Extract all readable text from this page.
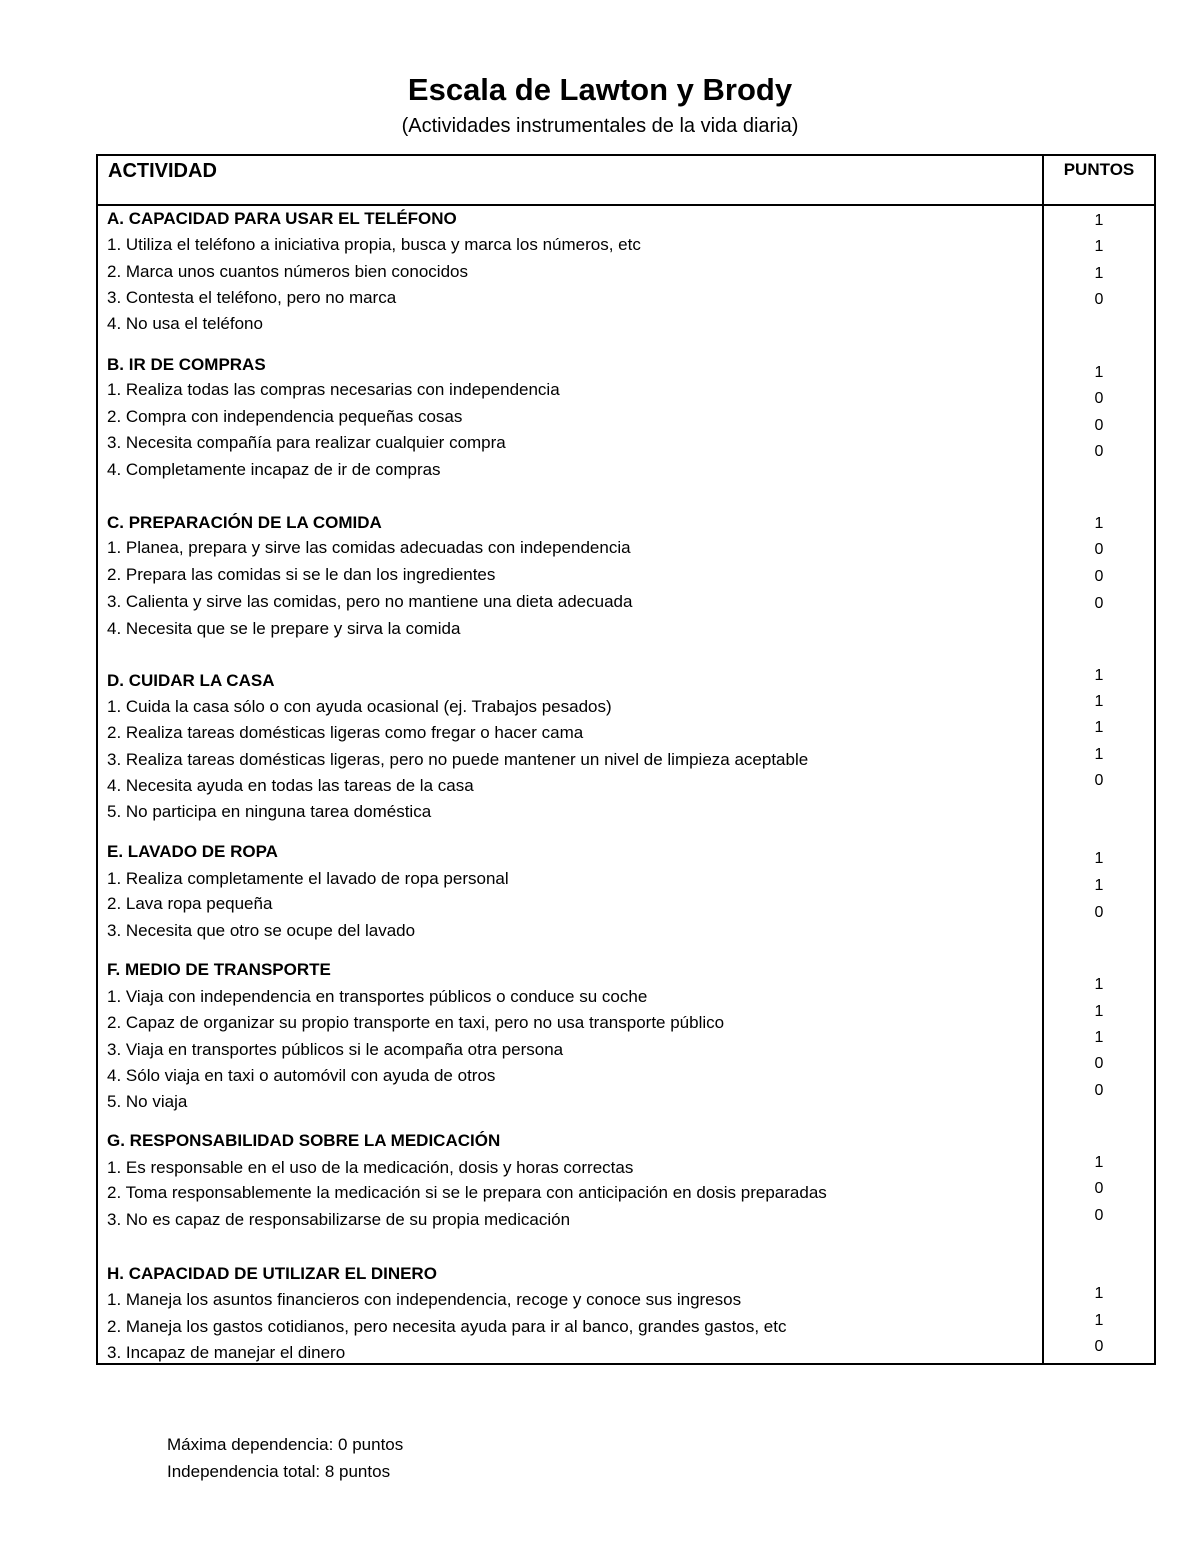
Escala de Lawton y Brody
(Actividades instrumentales de la vida diaria)
ACTIVIDAD	PUNTOS
A. CAPACIDAD PARA USAR EL TELÉFONO
1. Utiliza el teléfono a iniciativa propia, busca y marca los números, etc
2. Marca unos cuantos números bien conocidos
3. Contesta el teléfono, pero no marca
4. No usa el teléfono
1
1
1
0
B. IR DE COMPRAS
1. Realiza todas las compras necesarias con independencia
2. Compra con independencia pequeñas cosas
3. Necesita compañía para realizar cualquier compra
4. Completamente incapaz de ir de compras
1
0
0
0
C. PREPARACIÓN DE LA COMIDA
1. Planea, prepara y sirve las comidas adecuadas con independencia
2. Prepara las comidas si se le dan los ingredientes
3. Calienta y sirve las comidas, pero no mantiene una dieta adecuada
4. Necesita que se le prepare y sirva la comida
1
0
0
0
D. CUIDAR LA CASA
1. Cuida la casa sólo o con ayuda ocasional (ej. Trabajos pesados)
2. Realiza tareas domésticas ligeras como fregar o hacer cama
3. Realiza tareas domésticas ligeras, pero no puede mantener un nivel de limpieza aceptable
4. Necesita ayuda en todas las tareas de la casa
5. No participa en ninguna tarea doméstica
1
1
1
1
0
E. LAVADO DE ROPA
1. Realiza completamente el lavado de ropa personal
2. Lava ropa pequeña
3. Necesita que otro se ocupe del lavado
1
1
0
F. MEDIO DE TRANSPORTE
1. Viaja con independencia en transportes públicos o conduce su coche
2. Capaz de organizar su propio transporte en taxi, pero no usa transporte público
3. Viaja en transportes públicos si le acompaña otra persona
4. Sólo viaja en taxi o automóvil con ayuda de otros
5. No viaja
1
1
1
0
0
G. RESPONSABILIDAD SOBRE LA MEDICACIÓN
1. Es responsable en el uso de la medicación, dosis y horas correctas
2. Toma responsablemente la medicación si se le prepara con anticipación en dosis preparadas
3. No es capaz de responsabilizarse de su propia medicación
1
0
0
H. CAPACIDAD DE UTILIZAR EL DINERO
1. Maneja los asuntos financieros con independencia, recoge y conoce sus ingresos
2. Maneja los gastos cotidianos, pero necesita ayuda para ir al banco, grandes gastos, etc
3. Incapaz de manejar el dinero
1
1
0
Máxima dependencia: 0 puntos
Independencia total: 8 puntos
